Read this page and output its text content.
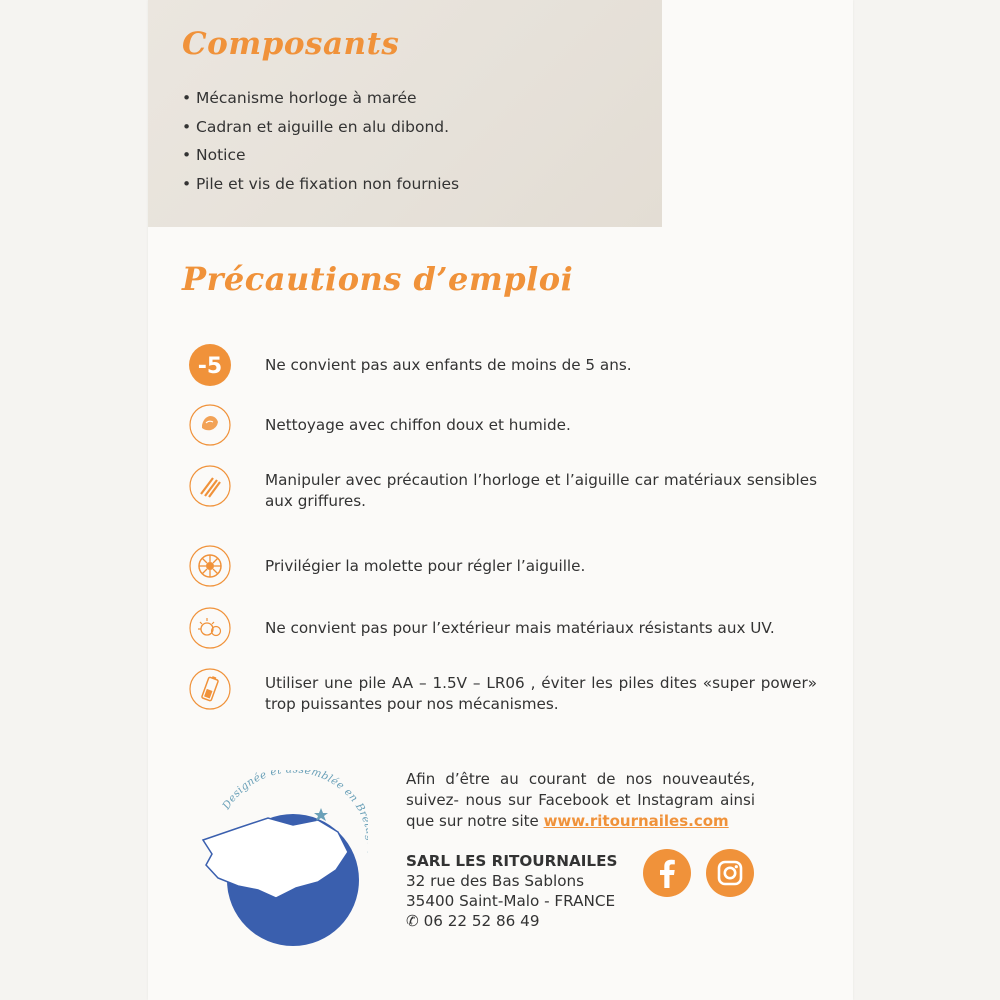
Composants
• Mécanisme horloge à marée
• Cadran et aiguille en alu dibond.
• Notice
• Pile et vis de fixation non fournies
Précautions d’emploi
-5	Ne convient pas aux enfants de moins de 5 ans.
Nettoyage avec chiffon doux et humide.
Manipuler avec précaution l’horloge et l’aiguille car matériaux sensibles aux griffures.
Privilégier la molette pour régler l’aiguille.
Ne convient pas pour l’extérieur mais matériaux résistants aux UV.
Utiliser une pile AA – 1.5V – LR06 , éviter les piles dites «super power» trop puissantes pour nos mécanismes.
Designée et emblée en B
Afin d’être au courant de nos nouveautés, suivez- nous sur Facebook et Instagram ainsi que sur notre site www.ritournailes.com
SARL LES RITOURNAILES
32 rue des Bas Sablons
35400 Saint-Malo - FRANCE
✆ 06 22 52 86 49
